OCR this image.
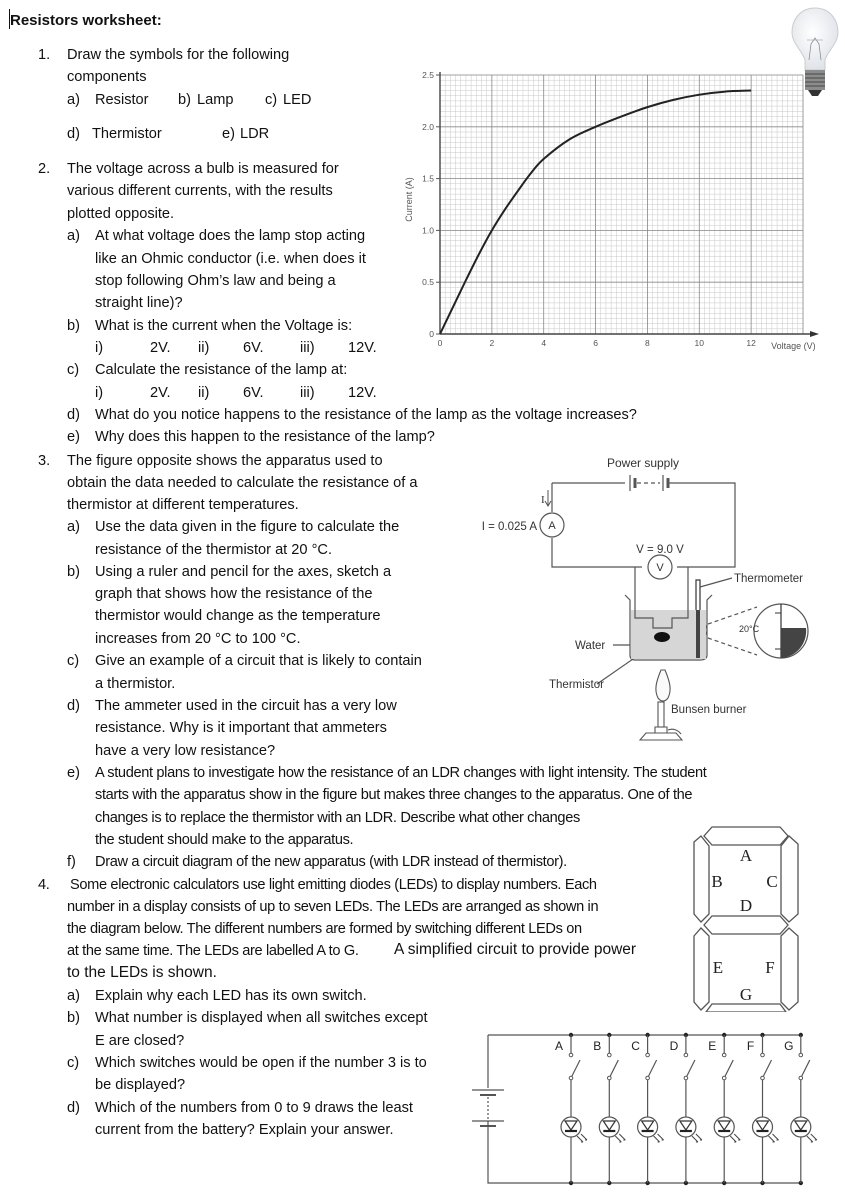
Resistors worksheet:
1. Draw the symbols for the following
components
a) Resistor b) Lamp c) LED
d) Thermistor	e) LDR
2. The voltage across a bulb is measured for
various different currents, with the results
plotted opposite.
a) At what voltage does the lamp stop acting
like an Ohmic conductor (i.e. when does it
stop following Ohm’s law and being a
straight line)?
b) What is the current when the Voltage is:
i)	2V. ii) 6V. iii) 12V.
c) Calculate the resistance of the lamp at:
i)	2V. ii) 6V. iii) 12V.
d) What do you notice happens to the resistance of the lamp as the voltage increases?
e) Why does this happen to the resistance of the lamp?
0	2	4	6	8	10	12
0
0.5
1.0
1.5
2.0
2.5
Current (A)
Voltage (V)
3. The figure opposite shows the apparatus used to
obtain the data needed to calculate the resistance of a
thermistor at different temperatures.
a) Use the data given in the figure to calculate the
resistance of the thermistor at 20 °C.
b) Using a ruler and pencil for the axes, sketch a
graph that shows how the resistance of the
thermistor would change as the temperature
increases from 20 °C to 100 °C.
c) Give an example of a circuit that is likely to contain
a thermistor.
d) The ammeter used in the circuit has a very low
resistance. Why is it important that ammeters
have a very low resistance?
e) A student plans to investigate how the resistance of an LDR changes with light intensity. The student
starts with the apparatus show in the figure but makes three changes to the apparatus. One of the
changes is to replace the thermistor with an LDR. Describe what other changes
the student should make to the apparatus.
f) Draw a circuit diagram of the new apparatus (with LDR instead of thermistor).
A
V
I
Power supply
I = 0.025 A
V = 9.0 V
Thermometer
20°C
Water
Thermistor
Bunsen burner
4. Some electronic calculators use light emitting diodes (LEDs) to display numbers. Each
number in a display consists of up to seven LEDs. The LEDs are arranged as shown in
the diagram below. The different numbers are formed by switching different LEDs on
at the same time. The LEDs are labelled A to G. A simplified circuit to provide power
to the LEDs is shown.
a) Explain why each LED has its own switch.
b) What number is displayed when all switches except
E are closed?
c) Which switches would be open if the number 3 is to
be displayed?
d) Which of the numbers from 0 to 9 draws the least
current from the battery? Explain your answer.
A
B	C
D
E F
G
A	B C D E	F G
